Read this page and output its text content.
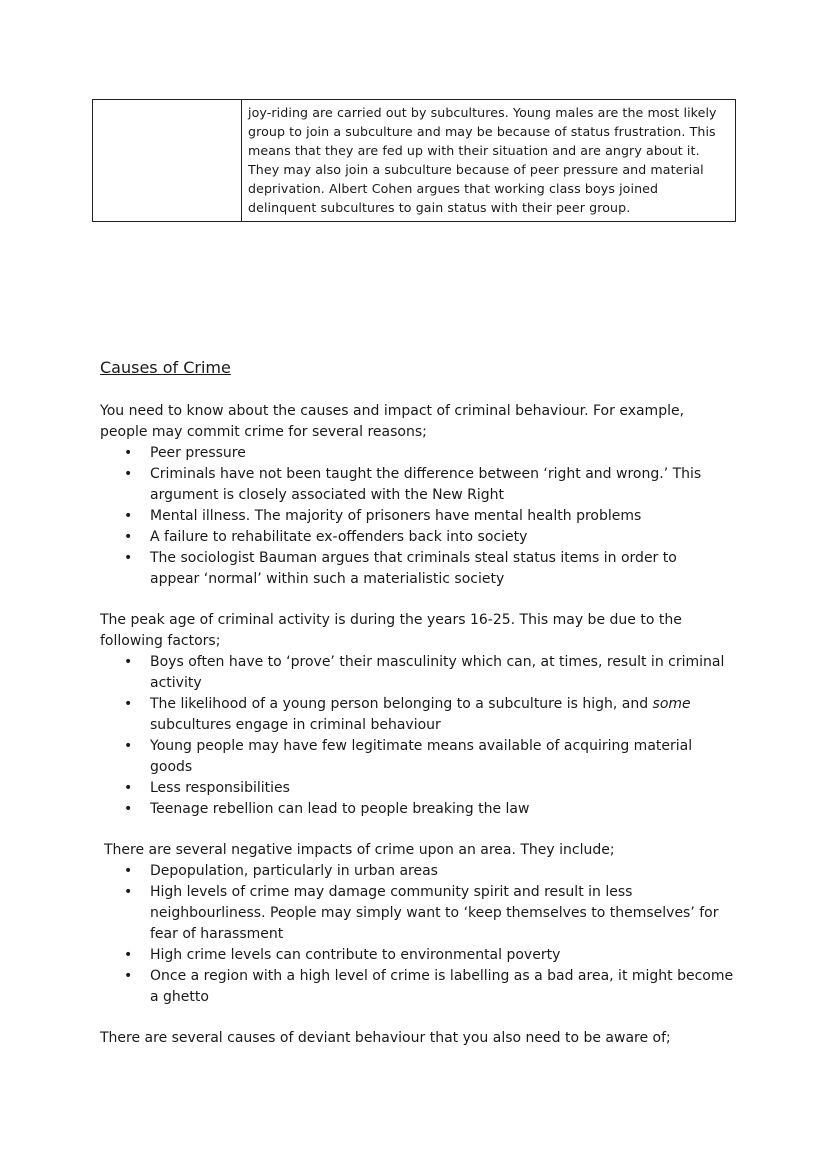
	joy-riding are carried out by subcultures. Young males are the most likely group to join a subculture and may be because of status frustration. This means that they are fed up with their situation and are angry about it. They may also join a subculture because of peer pressure and material deprivation. Albert Cohen argues that working class boys joined delinquent subcultures to gain status with their peer group.
Causes of Crime

You need to know about the causes and impact of criminal behaviour. For example, people may commit crime for several reasons;

• Peer pressure
• Criminals have not been taught the difference between ‘right and wrong.’ This argument is closely associated with the New Right
• Mental illness. The majority of prisoners have mental health problems
• A failure to rehabilitate ex-offenders back into society
• The sociologist Bauman argues that criminals steal status items in order to appear ‘normal’ within such a materialistic society

The peak age of criminal activity is during the years 16-25. This may be due to the following factors;

• Boys often have to ‘prove’ their masculinity which can, at times, result in criminal activity
• The likelihood of a young person belonging to a subculture is high, and some subcultures engage in criminal behaviour
• Young people may have few legitimate means available of acquiring material goods
• Less responsibilities
• Teenage rebellion can lead to people breaking the law

There are several negative impacts of crime upon an area. They include;

• Depopulation, particularly in urban areas
• High levels of crime may damage community spirit and result in less neighbourliness. People may simply want to ‘keep themselves to themselves’ for fear of harassment
• High crime levels can contribute to environmental poverty
• Once a region with a high level of crime is labelling as a bad area, it might become a ghetto

There are several causes of deviant behaviour that you also need to be aware of;
